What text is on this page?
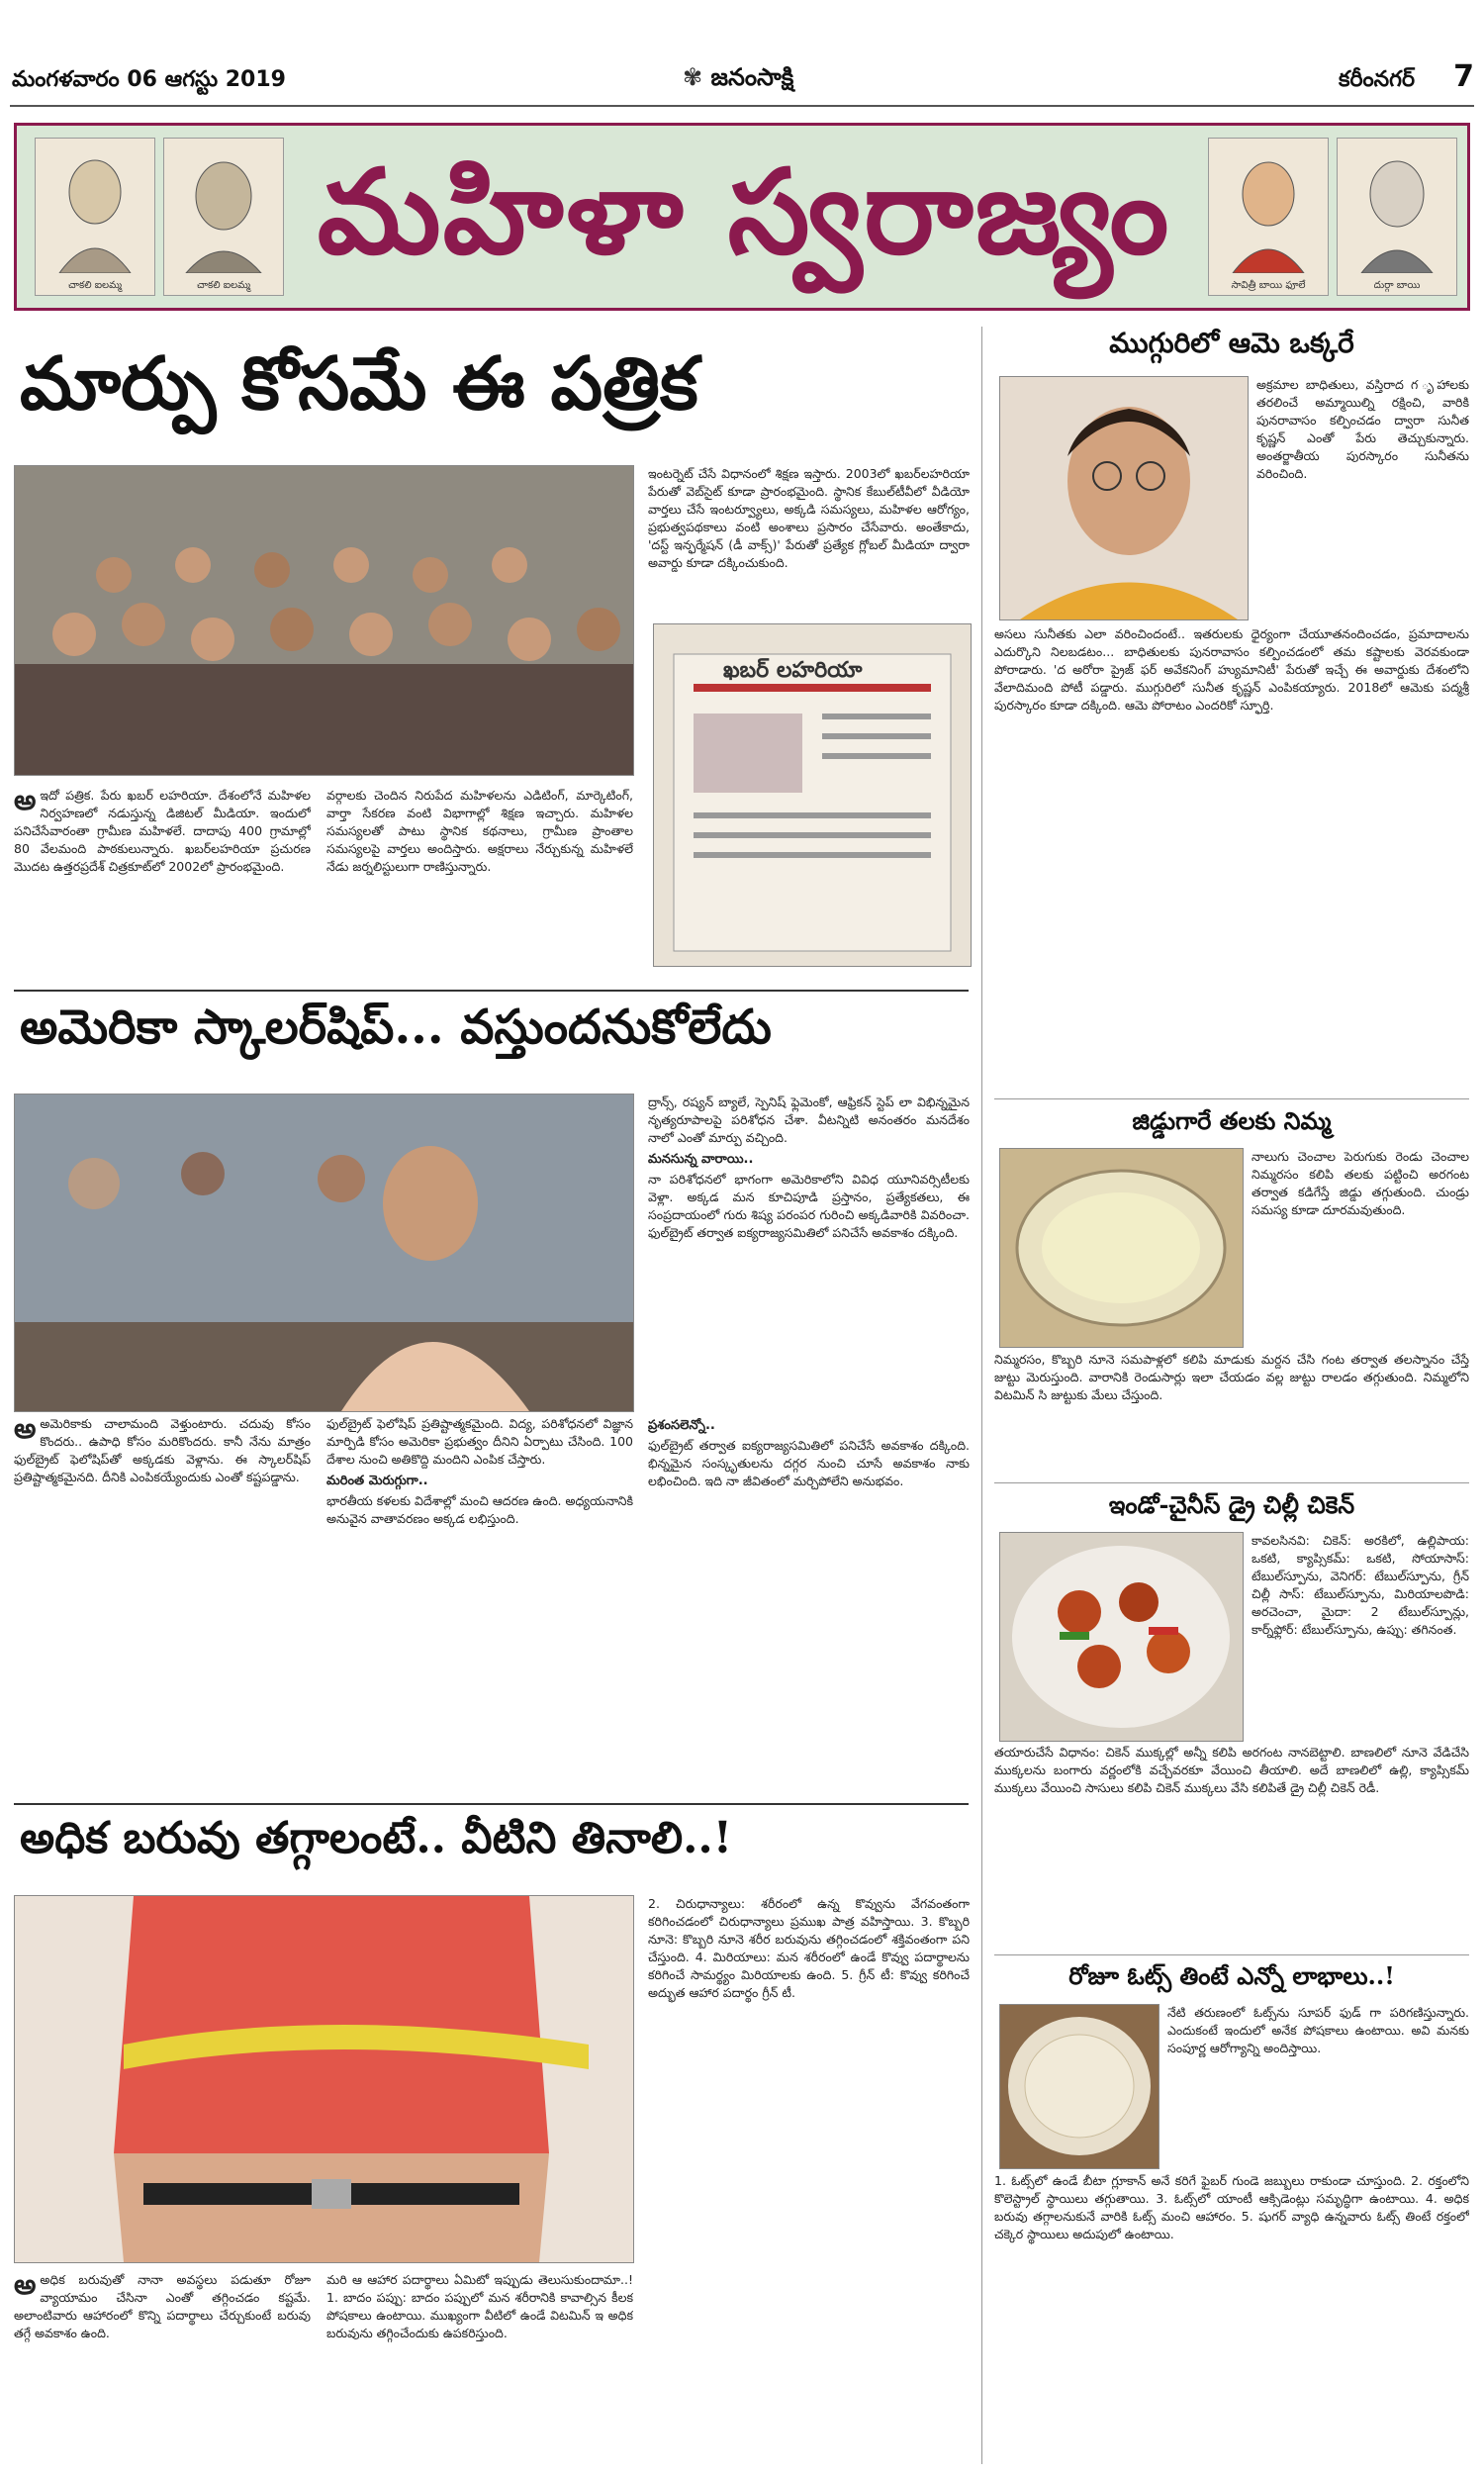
మంగళవారం 06 ఆగస్టు 2019	✾ జనంసాక్షి	కరీంనగర్ 7
చాకలి ఐలమ్మ	చాకలి ఐలమ్మ
మహిళా స్వరాజ్యం
సావిత్రీ బాయి ఫూలే	దుర్గా బాయి
మార్పు కోసమే ఈ పత్రిక
ఇంటర్నెట్ చేసే విధానంలో శిక్షణ ఇస్తారు. 2003లో ఖబర్‌లహరియా పేరుతో వెబ్‌సైట్ కూడా ప్రారంభమైంది. స్థానిక కేబుల్‌టీవీలో వీడియో వార్తలు చేసే ఇంటర్వ్యూలు, అక్కడి సమస్యలు, మహిళల ఆరోగ్యం, ప్రభుత్వపథకాలు వంటి అంశాలు ప్రసారం చేసేవారు. అంతేకాదు, 'దస్ట్ ఇన్ఫర్మేషన్ (డీ వాక్స్)' పేరుతో ప్రత్యేక గ్లోబల్ మీడియా ద్వారా అవార్డు కూడా దక్కించుకుంది.
ఖబర్ లహరియా
అఇదో పత్రిక. పేరు ఖబర్ లహరియా. దేశంలోనే మహిళల నిర్వహణలో నడుస్తున్న డిజిటల్ మీడియా. ఇందులో పనిచేసేవారంతా గ్రామీణ మహిళలే. దాదాపు 400 గ్రామాల్లో 80 వేలమంది పాఠకులున్నారు. ఖబర్‌లహరియా ప్రచురణ మొదట ఉత్తరప్రదేశ్ చిత్రకూట్‌లో 2002లో ప్రారంభమైంది.
వర్గాలకు చెందిన నిరుపేద మహిళలను ఎడిటింగ్, మార్కెటింగ్, వార్తా సేకరణ వంటి విభాగాల్లో శిక్షణ ఇచ్చారు. మహిళల సమస్యలతో పాటు స్థానిక కథనాలు, గ్రామీణ ప్రాంతాల సమస్యలపై వార్తలు అందిస్తారు. అక్షరాలు నేర్చుకున్న మహిళలే నేడు జర్నలిస్టులుగా రాణిస్తున్నారు.
అమెరికా స్కాలర్‌షిప్... వస్తుందనుకోలేదు

ద్రాన్స్, రష్యన్ బ్యాలే, స్పెనిష్ ఫ్లెమెంకో, ఆఫ్రికన్ స్టెప్ లా విభిన్నమైన నృత్యరూపాలపై పరిశోధన చేశా. వీటన్నిటి అనంతరం మనదేశం నాలో ఎంతో మార్పు వచ్చింది.

మనసున్న వారాయి..

నా పరిశోధనలో భాగంగా అమెరికాలోని వివిధ యూనివర్సిటీలకు వెళ్లా. అక్కడ మన కూచిపూడి ప్రస్తానం, ప్రత్యేకతలు, ఈ సంప్రదాయంలో గురు శిష్య పరంపర గురించి అక్కడివారికి వివరించా. ఫుల్‌బ్రైట్ తర్వాత ఐక్యరాజ్యసమితిలో పనిచేసే అవకాశం దక్కింది.

అఅమెరికాకు చాలామంది వెళ్తుంటారు. చదువు కోసం కొందరు.. ఉపాధి కోసం మరికొందరు. కానీ నేను మాత్రం ఫుల్‌బ్రైట్ ఫెలోషిప్‌తో అక్కడకు వెళ్లాను. ఈ స్కాలర్‌షిప్ ప్రతిష్టాత్మకమైనది. దీనికి ఎంపికయ్యేందుకు ఎంతో కష్టపడ్డాను.

ఫుల్‌బ్రైట్ ఫెలోషిప్ ప్రతిష్టాత్మకమైంది. విద్య, పరిశోధనలో విజ్ఞాన మార్పిడి కోసం అమెరికా ప్రభుత్వం దీనిని ఏర్పాటు చేసింది. 100 దేశాల నుంచి అతికొద్ది మందిని ఎంపిక చేస్తారు.

మరింత మెరుగ్గుగా..

భారతీయ కళలకు విదేశాల్లో మంచి ఆదరణ ఉంది. అధ్యయనానికి అనువైన వాతావరణం అక్కడ లభిస్తుంది.

ప్రశంసలెన్నో..

ఫుల్‌బ్రైట్ తర్వాత ఐక్యరాజ్యసమితిలో పనిచేసే అవకాశం దక్కింది. భిన్నమైన సంస్కృతులను దగ్గర నుంచి చూసే అవకాశం నాకు లభించింది. ఇది నా జీవితంలో మర్చిపోలేని అనుభవం.

అధిక బరువు తగ్గాలంటే.. వీటిని తినాలి..!
2. చిరుధాన్యాలు: శరీరంలో ఉన్న కొవ్వును వేగవంతంగా కరిగించడంలో చిరుధాన్యాలు ప్రముఖ పాత్ర వహిస్తాయి. 3. కొబ్బరి నూనె: కొబ్బరి నూనె శరీర బరువును తగ్గించడంలో శక్తివంతంగా పని చేస్తుంది. 4. మిరియాలు: మన శరీరంలో ఉండే కొవ్వు పదార్థాలను కరిగించే సామర్థ్యం మిరియాలకు ఉంది. 5. గ్రీన్ టీ: కొవ్వు కరిగించే అద్భుత ఆహార పదార్థం గ్రీన్ టీ.
అఅధిక బరువుతో నానా అవస్థలు పడుతూ రోజూ వ్యాయామం చేసినా ఎంతో తగ్గించడం కష్టమే. అలాంటివారు ఆహారంలో కొన్ని పదార్థాలు చేర్చుకుంటే బరువు తగ్గే అవకాశం ఉంది.
మరి ఆ ఆహార పదార్థాలు ఏమిటో ఇప్పుడు తెలుసుకుందామా..! 1. బాదం పప్పు: బాదం పప్పులో మన శరీరానికి కావాల్సిన కీలక పోషకాలు ఉంటాయి. ముఖ్యంగా వీటిలో ఉండే విటమిన్ ఇ అధిక బరువును తగ్గించేందుకు ఉపకరిస్తుంది.
ముగ్గురిలో ఆమె ఒక్కరే
అక్రమాల బాధితులు, వస్తిరాద గ ృహాలకు తరలించే అమ్మాయిల్ని రక్షించి, వారికి పునరావాసం కల్పించడం ద్వారా సునీత కృష్ణన్ ఎంతో పేరు తెచ్చుకున్నారు. అంతర్జాతీయ పురస్కారం సునీతను వరించింది.
అసలు సునీతకు ఎలా వరించిందంటే.. ఇతరులకు ధైర్యంగా చేయూతనందించడం, ప్రమాదాలను ఎదుర్కొని నిలబడటం... బాధితులకు పునరావాసం కల్పించడంలో తమ కష్టాలకు వెరవకుండా పోరాడారు. 'ద అరోరా ప్రైజ్ ఫర్ అవేకనింగ్ హ్యుమానిటీ' పేరుతో ఇచ్చే ఈ అవార్డుకు దేశంలోని వేలాదిమంది పోటీ పడ్డారు. ముగ్గురిలో సునీత కృష్ణన్ ఎంపికయ్యారు. 2018లో ఆమెకు పద్మశ్రీ పురస్కారం కూడా దక్కింది. ఆమె పోరాటం ఎందరికో స్ఫూర్తి.
జిడ్డుగారే తలకు నిమ్మ
నాలుగు చెంచాల పెరుగుకు రెండు చెంచాల నిమ్మరసం కలిపి తలకు పట్టించి అరగంట తర్వాత కడిగేస్తే జిడ్డు తగ్గుతుంది. చుండ్రు సమస్య కూడా దూరమవుతుంది.
నిమ్మరసం, కొబ్బరి నూనె సమపాళ్లలో కలిపి మాడుకు మర్దన చేసి గంట తర్వాత తలస్నానం చేస్తే జుట్టు మెరుస్తుంది. వారానికి రెండుసార్లు ఇలా చేయడం వల్ల జుట్టు రాలడం తగ్గుతుంది. నిమ్మలోని విటమిన్ సి జుట్టుకు మేలు చేస్తుంది.
ఇండో-చైనీస్ డ్రై చిల్లీ చికెన్
కావలసినవి: చికెన్: అరకిలో, ఉల్లిపాయ: ఒకటి, క్యాప్సికమ్: ఒకటి, సోయాసాస్: టేబుల్‌స్పూను, వెనిగర్: టేబుల్‌స్పూను, గ్రీన్ చిల్లీ సాస్: టేబుల్‌స్పూను, మిరియాలపొడి: అరచెంచా, మైదా: 2 టేబుల్‌స్పూన్లు, కార్న్‌ఫ్లోర్: టేబుల్‌స్పూను, ఉప్పు: తగినంత.
తయారుచేసే విధానం: చికెన్ ముక్కల్లో అన్నీ కలిపి అరగంట నానబెట్టాలి. బాణలిలో నూనె వేడిచేసి ముక్కలను బంగారు వర్ణంలోకి వచ్చేవరకూ వేయించి తీయాలి. అదే బాణలిలో ఉల్లి, క్యాప్సికమ్ ముక్కలు వేయించి సాసులు కలిపి చికెన్ ముక్కలు వేసి కలిపితే డ్రై చిల్లీ చికెన్ రెడీ.
రోజూ ఓట్స్ తింటే ఎన్నో లాభాలు..!
నేటి తరుణంలో ఓట్స్‌ను సూపర్ ఫుడ్ గా పరిగణిస్తున్నారు. ఎందుకంటే ఇందులో అనేక పోషకాలు ఉంటాయి. అవి మనకు సంపూర్ణ ఆరోగ్యాన్ని అందిస్తాయి.
1. ఓట్స్‌లో ఉండే బీటా గ్లూకాన్ అనే కరిగే ఫైబర్ గుండె జబ్బులు రాకుండా చూస్తుంది. 2. రక్తంలోని కొలెస్ట్రాల్ స్థాయిలు తగ్గుతాయి. 3. ఓట్స్‌లో యాంటీ ఆక్సిడెంట్లు సమృద్ధిగా ఉంటాయి. 4. అధిక బరువు తగ్గాలనుకునే వారికి ఓట్స్ మంచి ఆహారం. 5. షుగర్ వ్యాధి ఉన్నవారు ఓట్స్ తింటే రక్తంలో చక్కెర స్థాయిలు అదుపులో ఉంటాయి.
